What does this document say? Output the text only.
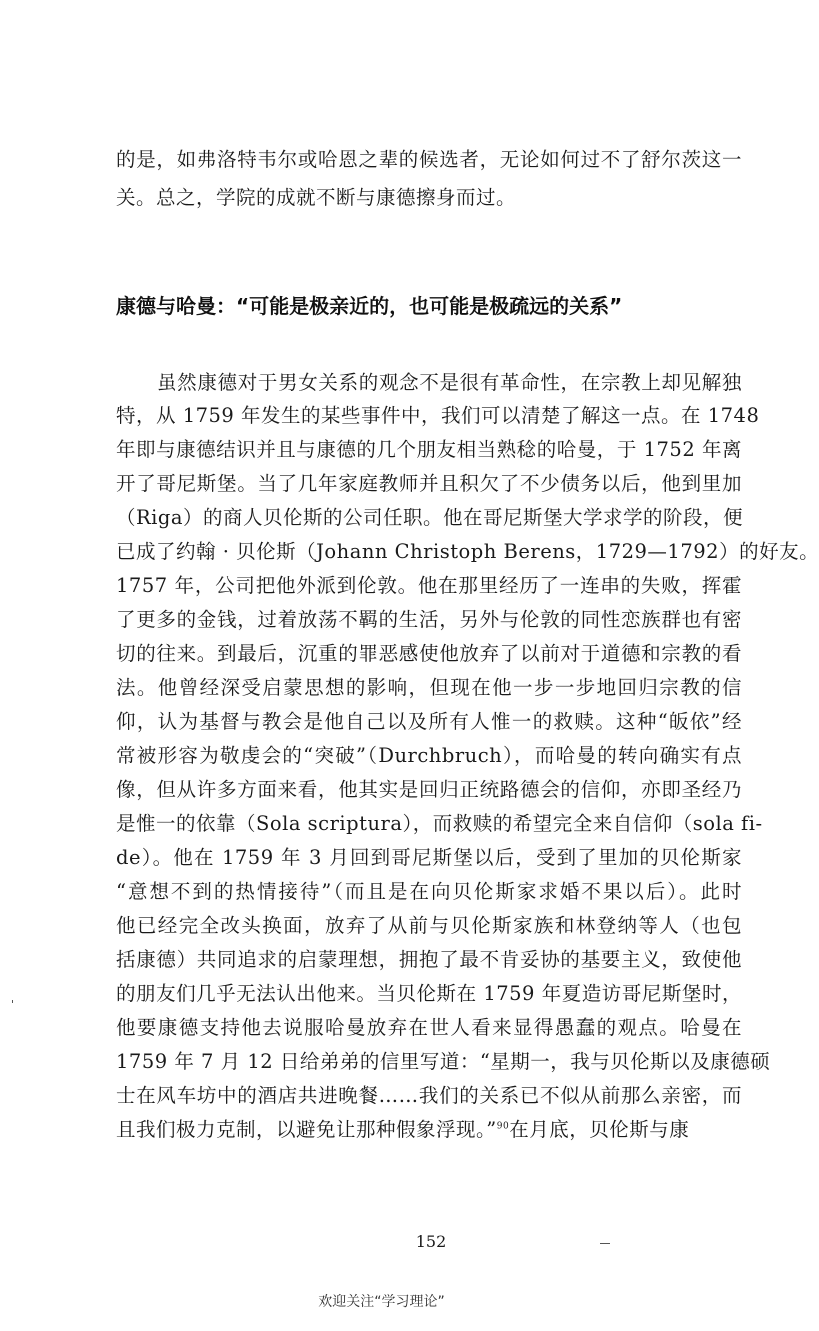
的是，如弗洛特韦尔或哈恩之辈的候选者，无论如何过不了舒尔茨这一
关。总之，学院的成就不断与康德擦身而过。
康德与哈曼：“可能是极亲近的，也可能是极疏远的关系”
虽然康德对于男女关系的观念不是很有革命性，在宗教上却见解独
特，从 1759 年发生的某些事件中，我们可以清楚了解这一点。在 1748
年即与康德结识并且与康德的几个朋友相当熟稔的哈曼，于 1752 年离
开了哥尼斯堡。当了几年家庭教师并且积欠了不少债务以后，他到里加
（Riga）的商人贝伦斯的公司任职。他在哥尼斯堡大学求学的阶段，便
已成了约翰 · 贝伦斯（Johann Christoph Berens，1729—1792）的好友。
1757 年，公司把他外派到伦敦。他在那里经历了一连串的失败，挥霍
了更多的金钱，过着放荡不羁的生活，另外与伦敦的同性恋族群也有密
切的往来。到最后，沉重的罪恶感使他放弃了以前对于道德和宗教的看
法。他曾经深受启蒙思想的影响，但现在他一步一步地回归宗教的信
仰，认为基督与教会是他自己以及所有人惟一的救赎。这种“皈依”经
常被形容为敬虔会的“突破”（Durchbruch），而哈曼的转向确实有点
像，但从许多方面来看，他其实是回归正统路德会的信仰，亦即圣经乃
是惟一的依靠（Sola scriptura），而救赎的希望完全来自信仰（sola fi-
de）。他在 1759 年 3 月回到哥尼斯堡以后，受到了里加的贝伦斯家
“意想不到的热情接待”（而且是在向贝伦斯家求婚不果以后）。此时
他已经完全改头换面，放弃了从前与贝伦斯家族和林登纳等人（也包
括康德）共同追求的启蒙理想，拥抱了最不肯妥协的基要主义，致使他
的朋友们几乎无法认出他来。当贝伦斯在 1759 年夏造访哥尼斯堡时，
他要康德支持他去说服哈曼放弃在世人看来显得愚蠢的观点。哈曼在
1759 年 7 月 12 日给弟弟的信里写道：“星期一，我与贝伦斯以及康德硕
士在风车坊中的酒店共进晚餐……我们的关系已不似从前那么亲密，而
且我们极力克制，以避免让那种假象浮现。”$^{90}$在月底，贝伦斯与康
152
欢迎关注“学习理论”
